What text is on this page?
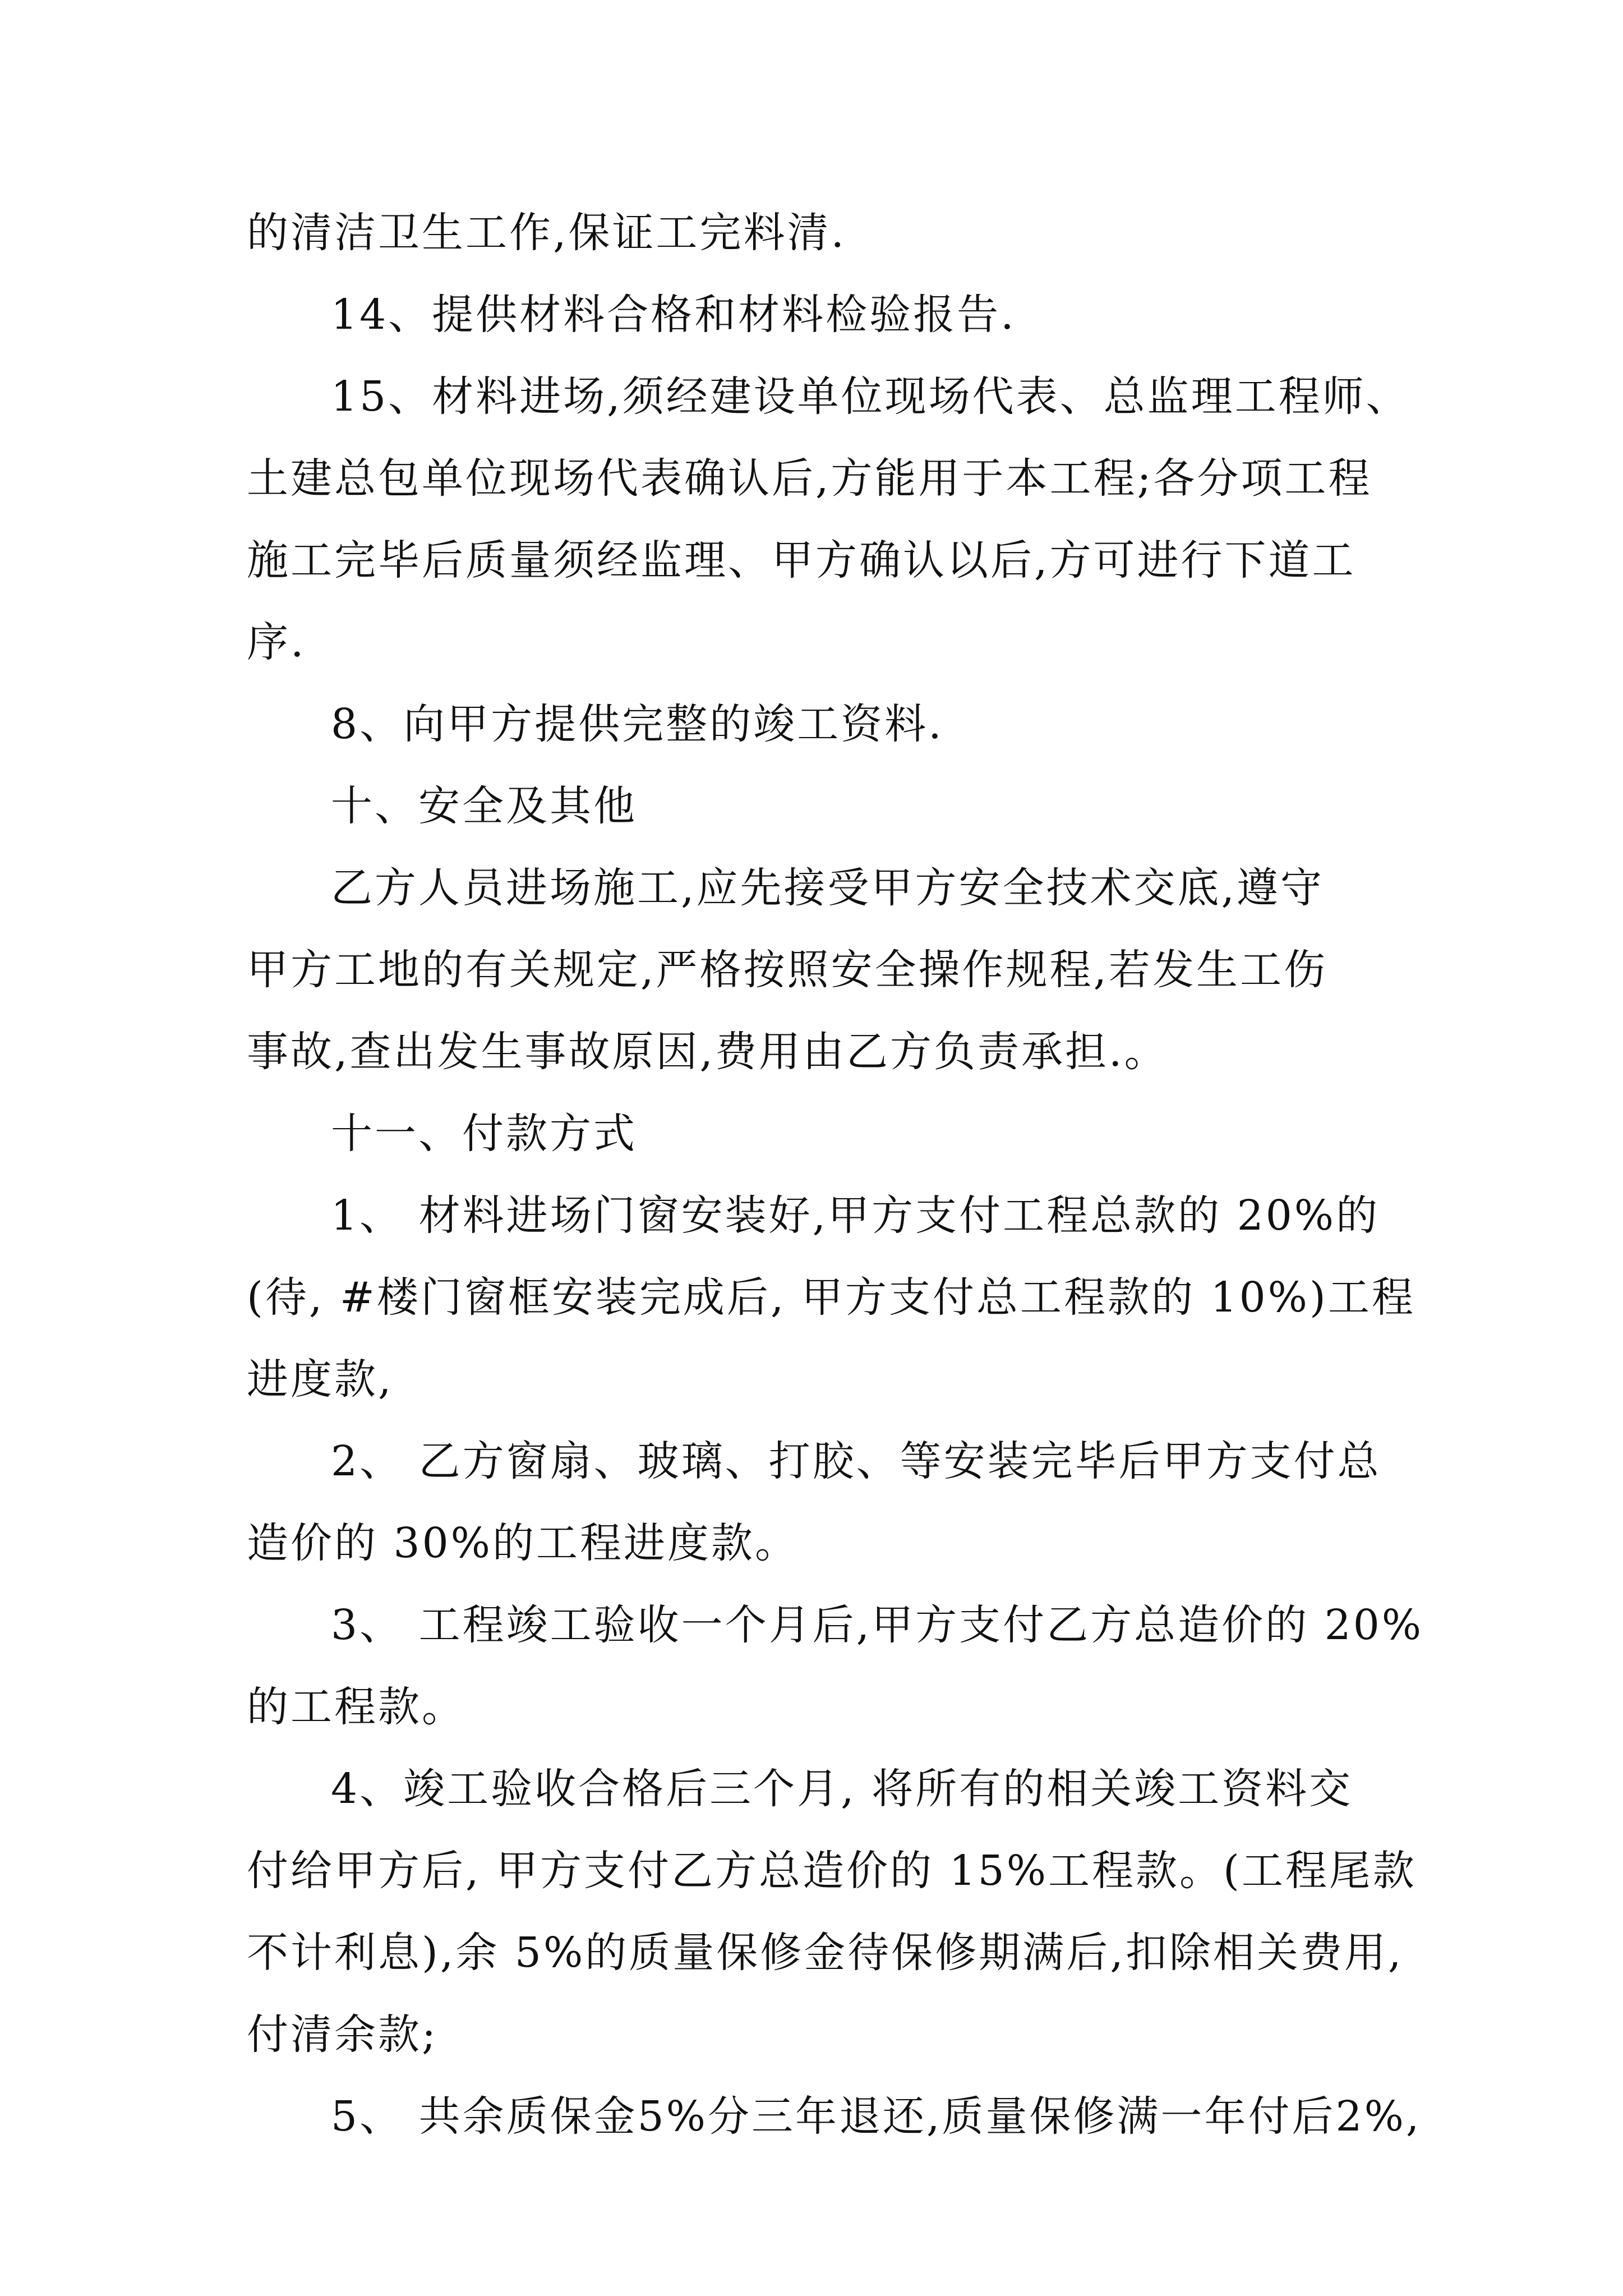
的清洁卫生工作,保证工完料清.
14、提供材料合格和材料检验报告.
15、材料进场,须经建设单位现场代表、总监理工程师、
土建总包单位现场代表确认后,方能用于本工程;各分项工程
施工完毕后质量须经监理、甲方确认以后,方可进行下道工
序.
8、向甲方提供完整的竣工资料.
十、安全及其他
乙方人员进场施工,应先接受甲方安全技术交底,遵守
甲方工地的有关规定,严格按照安全操作规程,若发生工伤
事故,查出发生事故原因,费用由乙方负责承担.。
十一、付款方式
1、 材料进场门窗安装好,甲方支付工程总款的 20%的
(待, #楼门窗框安装完成后, 甲方支付总工程款的 10%)工程
进度款,
2、 乙方窗扇、玻璃、打胶、等安装完毕后甲方支付总
造价的 30%的工程进度款。
3、 工程竣工验收一个月后,甲方支付乙方总造价的 20%
的工程款。
4、竣工验收合格后三个月, 将所有的相关竣工资料交
付给甲方后, 甲方支付乙方总造价的 15%工程款。(工程尾款
不计利息),余 5%的质量保修金待保修期满后,扣除相关费用,
付清余款;
5、 共余质保金5%分三年退还,质量保修满一年付后2%,
